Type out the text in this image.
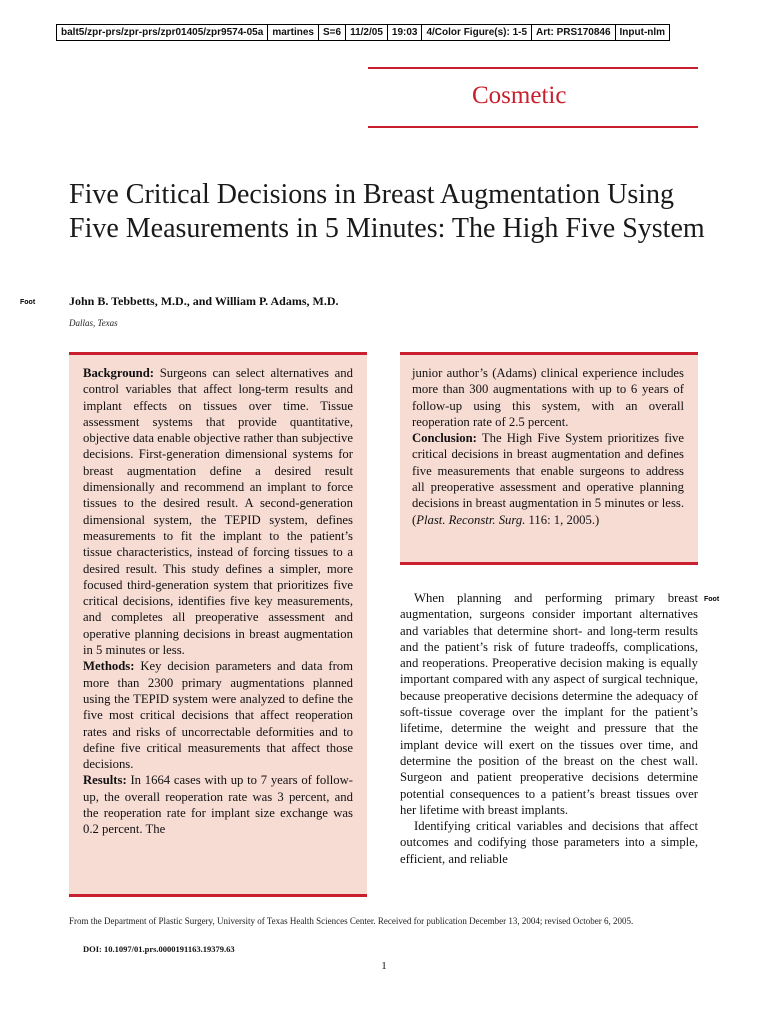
balt5/zpr-prs/zpr-prs/zpr01405/zpr9574-05a martines S=6 11/2/05 19:03 4/Color Figure(s): 1-5 Art: PRS170846 Input-nlm
Cosmetic
Five Critical Decisions in Breast Augmentation Using Five Measurements in 5 Minutes: The High Five System
Foot	John B. Tebbetts, M.D., and William P. Adams, M.D.
Dallas, Texas

Background: Surgeons can select alternatives and control variables that affect long-term results and implant effects on tissues over time. Tissue assessment systems that provide quantitative, objective data enable objective rather than subjective decisions. First-generation dimensional systems for breast augmentation define a desired result dimensionally and recommend an implant to force tissues to the desired result. A second-generation dimensional system, the TEPID system, defines measurements to fit the implant to the patient’s tissue characteristics, instead of forcing tissues to a desired result. This study defines a simpler, more focused third-generation system that prioritizes five critical decisions, identifies five key measurements, and completes all preoperative assessment and operative planning decisions in breast augmentation in 5 minutes or less.
Methods: Key decision parameters and data from more than 2300 primary augmentations planned using the TEPID system were analyzed to define the five most critical decisions that affect reoperation rates and risks of uncorrectable deformities and to define five critical measurements that affect those decisions.
Results: In 1664 cases with up to 7 years of follow-up, the overall reoperation rate was 3 percent, and the reoperation rate for implant size exchange was 0.2 percent. The

junior author’s (Adams) clinical experience includes more than 300 augmentations with up to 6 years of follow-up using this system, with an overall reoperation rate of 2.5 percent.
Conclusion: The High Five System prioritizes five critical decisions in breast augmentation and defines five measurements that enable surgeons to address all preoperative assessment and operative planning decisions in breast augmentation in 5 minutes or less. (Plast. Reconstr. Surg. 116: 1, 2005.)

Foot

When planning and performing primary breast augmentation, surgeons consider important alternatives and variables that determine short- and long-term results and the patient’s risk of future tradeoffs, complications, and reoperations. Preoperative decision making is equally important compared with any aspect of surgical technique, because preoperative decisions determine the adequacy of soft-tissue coverage over the implant for the patient’s lifetime, determine the weight and pressure that the implant device will exert on the tissues over time, and determine the position of the breast on the chest wall. Surgeon and patient preoperative decisions determine potential consequences to a patient’s breast tissues over her lifetime with breast implants.

Identifying critical variables and decisions that affect outcomes and codifying those parameters into a simple, efficient, and reliable

From the Department of Plastic Surgery, University of Texas Health Sciences Center. Received for publication December 13, 2004; revised October 6, 2005.

DOI: 10.1097/01.prs.0000191163.19379.63
1
